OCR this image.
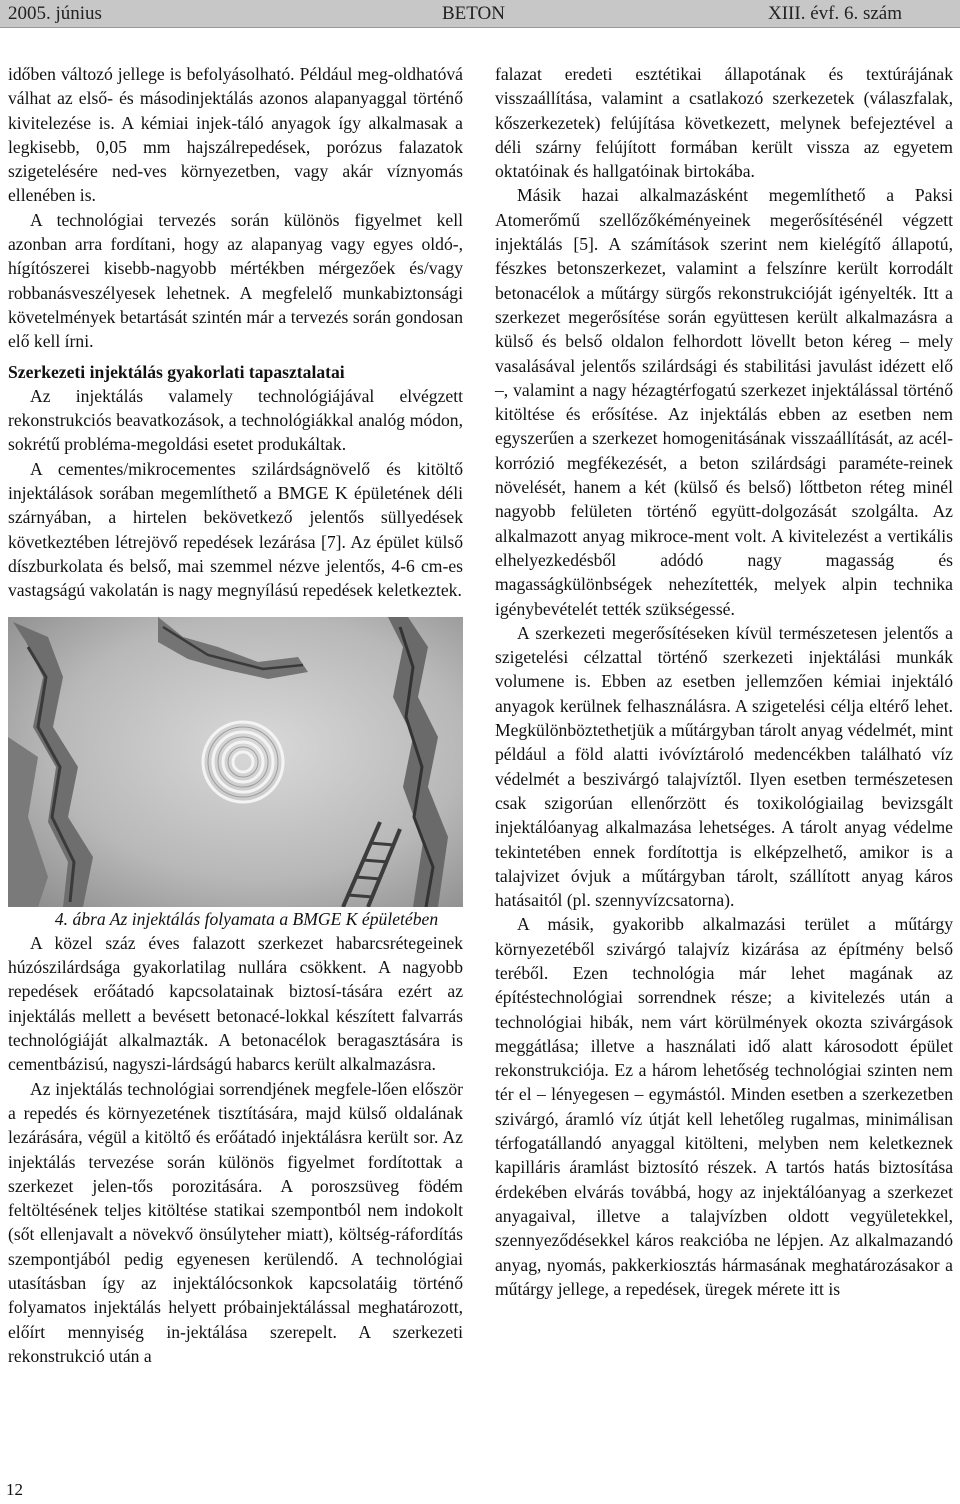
2005. június	BETON	XIII. évf. 6. szám

időben változó jellege is befolyásolható. Például meg-oldhatóvá válhat az első- és másodinjektálás azonos alapanyaggal történő kivitelezése is. A kémiai injek-táló anyagok így alkalmasak a legkisebb, 0,05 mm hajszálrepedések, porózus falazatok szigetelésére ned-ves környezetben, vagy akár víznyomás ellenében is.

A technológiai tervezés során különös figyelmet kell azonban arra fordítani, hogy az alapanyag vagy egyes oldó-, hígítószerei kisebb-nagyobb mértékben mérgezőek és/vagy robbanásveszélyesek lehetnek. A megfelelő munkabiztonsági követelmények betartását szintén már a tervezés során gondosan elő kell írni.

Szerkezeti injektálás gyakorlati tapasztalatai

Az injektálás valamely technológiájával elvégzett rekonstrukciós beavatkozások, a technológiákkal analóg módon, sokrétű probléma-megoldási esetet produkáltak.

A cementes/mikrocementes szilárdságnövelő és kitöltő injektálások sorában megemlíthető a BMGE K épületének déli szárnyában, a hirtelen bekövetkező jelentős süllyedések következtében létrejövő repedések lezárása [7]. Az épület külső díszburkolata és belső, mai szemmel nézve jelentős, 4-6 cm-es vastagságú vakolatán is nagy megnyílású repedések keletkeztek.

4. ábra Az injektálás folyamata a BMGE K épületében

A közel száz éves falazott szerkezet habarcsrétegeinek húzószilárdsága gyakorlatilag nullára csökkent. A nagyobb repedések erőátadó kapcsolatainak biztosí-tására ezért az injektálás mellett a bevésett betonacé-lokkal készített falvarrás technológiáját alkalmazták. A betonacélok beragasztására is cementbázisú, nagyszi-lárdságú habarcs került alkalmazásra.

Az injektálás technológiai sorrendjének megfele-lően először a repedés és környezetének tisztítására, majd külső oldalának lezárására, végül a kitöltő és erőátadó injektálásra került sor. Az injektálás tervezése során különös figyelmet fordítottak a szerkezet jelen-tős porozitására. A poroszsüveg födém feltöltésének teljes kitöltése statikai szempontból nem indokolt (sőt ellenjavalt a növekvő önsúlyteher miatt), költség-ráfordítás szempontjából pedig egyenesen kerülendő. A technológiai utasításban így az injektálócsonkok kapcsolatáig történő folyamatos injektálás helyett próbainjektálással meghatározott, előírt mennyiség in-jektálása szerepelt. A szerkezeti rekonstrukció után a

falazat eredeti esztétikai állapotának és textúrájának visszaállítása, valamint a csatlakozó szerkezetek (válaszfalak, kőszerkezetek) felújítása következett, melynek befejeztével a déli szárny felújított formában került vissza az egyetem oktatóinak és hallgatóinak birtokába.

Másik hazai alkalmazásként megemlíthető a Paksi Atomerőmű szellőzőkéményeinek megerősítésénél végzett injektálás [5]. A számítások szerint nem kielégítő állapotú, fészkes betonszerkezet, valamint a felszínre került korrodált betonacélok a műtárgy sürgős rekonstrukcióját igényelték. Itt a szerkezet megerősítése során együttesen került alkalmazásra a külső és belső oldalon felhordott lövellt beton kéreg – mely vasalásával jelentős szilárdsági és stabilitási javulást idézett elő –, valamint a nagy hézagtérfogatú szerkezet injektálással történő kitöltése és erősítése. Az injektálás ebben az esetben nem egyszerűen a szerkezet homogenitásának visszaállítását, az acél-korrózió megfékezését, a beton szilárdsági paraméte-reinek növelését, hanem a két (külső és belső) lőttbeton réteg minél nagyobb felületen történő együtt-dolgozását szolgálta. Az alkalmazott anyag mikroce-ment volt. A kivitelezést a vertikális elhelyezkedésből adódó nagy magasság és magasságkülönbségek nehezítették, melyek alpin technika igénybevételét tették szükségessé.

A szerkezeti megerősítéseken kívül természetesen jelentős a szigetelési célzattal történő szerkezeti injektálási munkák volumene is. Ebben az esetben jellemzően kémiai injektáló anyagok kerülnek felhasználásra. A szigetelési célja eltérő lehet. Megkülönböztethetjük a műtárgyban tárolt anyag védelmét, mint például a föld alatti ivóvíztároló medencékben található víz védelmét a beszivárgó talajvíztől. Ilyen esetben természetesen csak szigorúan ellenőrzött és toxikológiailag bevizsgált injektálóanyag alkalmazása lehetséges. A tárolt anyag védelme tekintetében ennek fordítottja is elképzelhető, amikor is a talajvizet óvjuk a műtárgyban tárolt, szállított anyag káros hatásaitól (pl. szennyvízcsatorna).

A másik, gyakoribb alkalmazási terület a műtárgy környezetéből szivárgó talajvíz kizárása az építmény belső teréből. Ezen technológia már lehet magának az építéstechnológiai sorrendnek része; a kivitelezés után a technológiai hibák, nem várt körülmények okozta szivárgások meggátlása; illetve a használati idő alatt károsodott épület rekonstrukciója. Ez a három lehetőség technológiai szinten nem tér el – lényegesen – egymástól. Minden esetben a szerkezetben szivárgó, áramló víz útját kell lehetőleg rugalmas, minimálisan térfogatállandó anyaggal kitölteni, melyben nem keletkeznek kapilláris áramlást biztosító részek. A tartós hatás biztosítása érdekében elvárás továbbá, hogy az injektálóanyag a szerkezet anyagaival, illetve a talajvízben oldott vegyületekkel, szennyeződésekkel káros reakcióba ne lépjen. Az alkalmazandó anyag, nyomás, pakkerkiosztás hármasának meghatározásakor a műtárgy jellege, a repedések, üregek mérete itt is

12
